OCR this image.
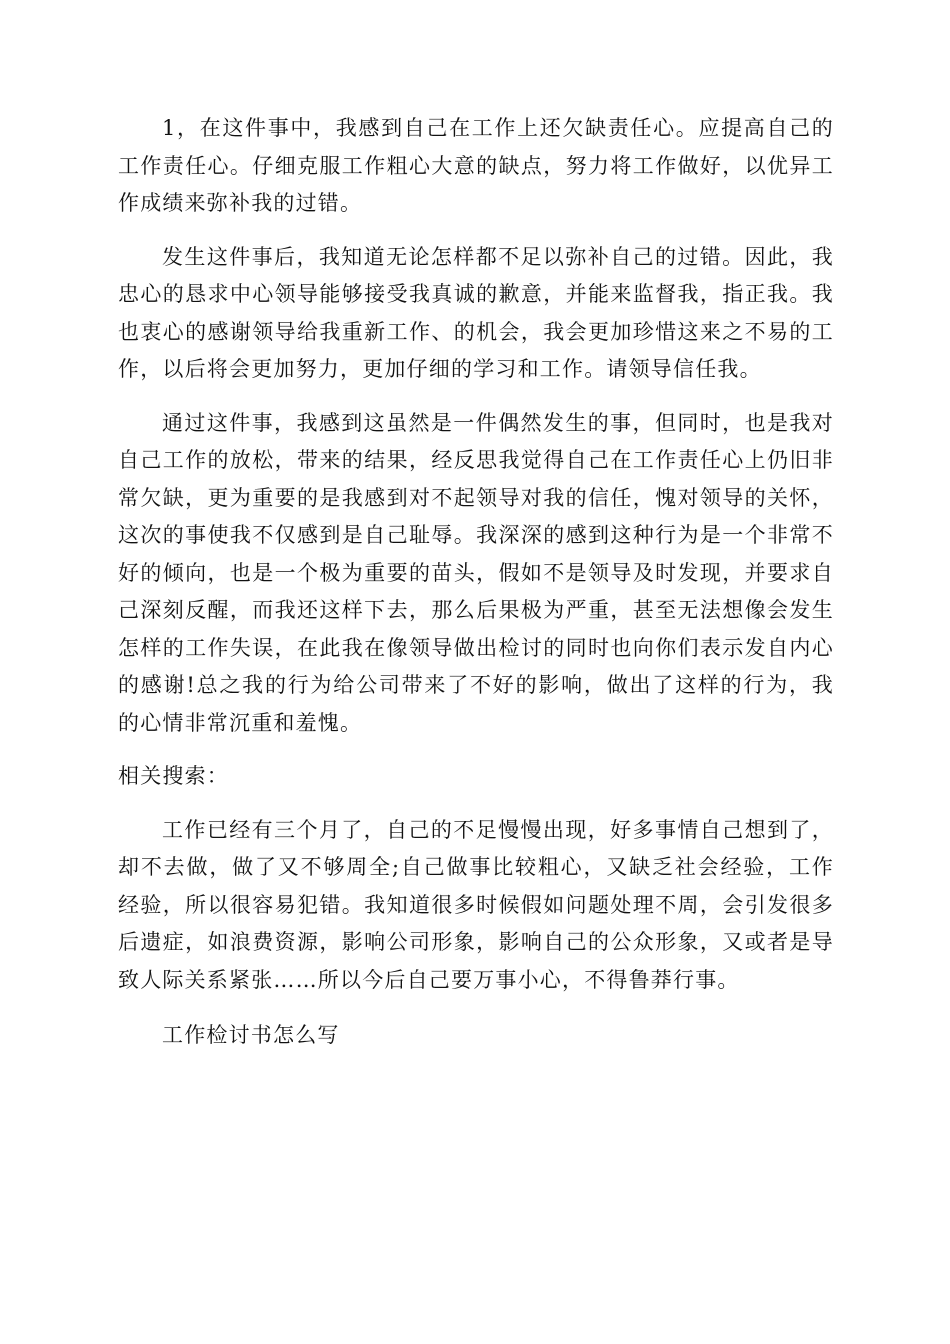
1，在这件事中，我感到自己在工作上还欠缺责任心。应提高自己的工作责任心。仔细克服工作粗心大意的缺点，努力将工作做好，以优异工作成绩来弥补我的过错。

发生这件事后，我知道无论怎样都不足以弥补自己的过错。因此，我忠心的恳求中心领导能够接受我真诚的歉意，并能来监督我，指正我。我也衷心的感谢领导给我重新工作、的机会，我会更加珍惜这来之不易的工作，以后将会更加努力，更加仔细的学习和工作。请领导信任我。

通过这件事，我感到这虽然是一件偶然发生的事，但同时，也是我对自己工作的放松，带来的结果，经反思我觉得自己在工作责任心上仍旧非常欠缺，更为重要的是我感到对不起领导对我的信任，愧对领导的关怀，这次的事使我不仅感到是自己耻辱。我深深的感到这种行为是一个非常不好的倾向，也是一个极为重要的苗头，假如不是领导及时发现，并要求自己深刻反醒，而我还这样下去，那么后果极为严重，甚至无法想像会发生怎样的工作失误，在此我在像领导做出检讨的同时也向你们表示发自内心的感谢!总之我的行为给公司带来了不好的影响，做出了这样的行为，我的心情非常沉重和羞愧。

相关搜索：

工作已经有三个月了，自己的不足慢慢出现，好多事情自己想到了，却不去做，做了又不够周全;自己做事比较粗心，又缺乏社会经验，工作经验，所以很容易犯错。我知道很多时候假如问题处理不周，会引发很多后遗症，如浪费资源，影响公司形象，影响自己的公众形象，又或者是导致人际关系紧张……所以今后自己要万事小心，不得鲁莽行事。

工作检讨书怎么写
